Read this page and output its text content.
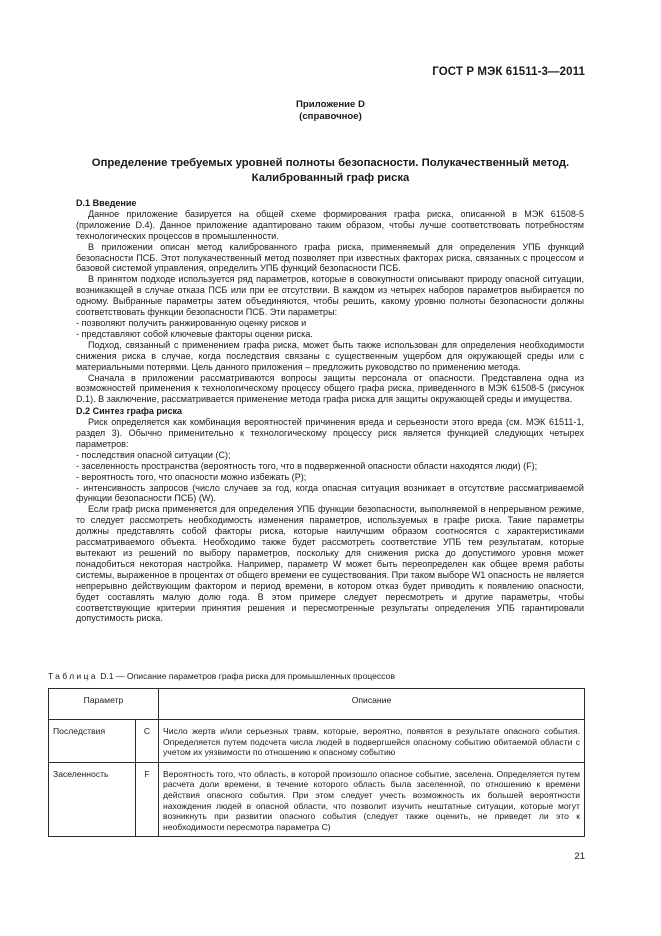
ГОСТ Р МЭК 61511-3—2011
Приложение D
(справочное)
Определение требуемых уровней полноты безопасности. Полукачественный метод.
Калиброванный граф риска

D.1 Введение

Данное приложение базируется на общей схеме формирования графа риска, описанной в МЭК 61508-5 (приложение D.4). Данное приложение адаптировано таким образом, чтобы лучше соответствовать потребностям технологических процессов в промышленности.

В приложении описан метод калиброванного графа риска, применяемый для определения УПБ функций безопасности ПСБ. Этот полукачественный метод позволяет при известных факторах риска, связанных с процессом и базовой системой управления, определить УПБ функций безопасности ПСБ.

В принятом подходе используется ряд параметров, которые в совокупности описывают природу опасной ситуации, возникающей в случае отказа ПСБ или при ее отсутствии. В каждом из четырех наборов параметров выбирается по одному. Выбранные параметры затем объединяются, чтобы решить, какому уровню полноты безопасности должны соответствовать функции безопасности ПСБ. Эти параметры:

- позволяют получить ранжированную оценку рисков и

- представляют собой ключевые факторы оценки риска.

Подход, связанный с применением графа риска, может быть также использован для определения необходимости снижения риска в случае, когда последствия связаны с существенным ущербом для окружающей среды или с материальными потерями. Цель данного приложения – предложить руководство по применению метода.

Сначала в приложении рассматриваются вопросы защиты персонала от опасности. Представлена одна из возможностей применения к технологическому процессу общего графа риска, приведенного в МЭК 61508-5 (рисунок D.1). В заключение, рассматривается применение метода графа риска для защиты окружающей среды и имущества.

D.2 Синтез графа риска

Риск определяется как комбинация вероятностей причинения вреда и серьезности этого вреда (см. МЭК 61511-1, раздел 3). Обычно применительно к технологическому процессу риск является функцией следующих четырех параметров:

- последствия опасной ситуации (С);

- заселенность пространства (вероятность того, что в подверженной опасности области находятся люди) (F);

- вероятность того, что опасности можно избежать (Р);

- интенсивность запросов (число случаев за год, когда опасная ситуация возникает в отсутствие рассматриваемой функции безопасности ПСБ) (W).

Если граф риска применяется для определения УПБ функции безопасности, выполняемой в непрерывном режиме, то следует рассмотреть необходимость изменения параметров, используемых в графе риска. Такие параметры должны представлять собой факторы риска, которые наилучшим образом соотносятся с характеристиками рассматриваемого объекта. Необходимо также будет рассмотреть соответствие УПБ тем результатам, которые вытекают из решений по выбору параметров, поскольку для снижения риска до допустимого уровня может понадобиться некоторая настройка. Например, параметр W может быть переопределен как общее время работы системы, выраженное в процентах от общего времени ее существования. При таком выборе W1 опасность не является непрерывно действующим фактором и период времени, в котором отказ будет приводить к появлению опасности, будет составлять малую долю года. В этом примере следует пересмотреть и другие параметры, чтобы соответствующие критерии принятия решения и пересмотренные результаты определения УПБ гарантировали допустимость риска.

Таблица D.1 — Описание параметров графа риска для промышленных процессов
Параметр		Описание
Последствия	C	Число жертв и/или серьезных травм, которые, вероятно, появятся в результате опасного события. Определяется путем подсчета числа людей в подвергшейся опасному событию обитаемой области с учетом их уязвимости по отношению к опасному событию
Заселенность	F	Вероятность того, что область, в которой произошло опасное событие, заселена. Определяется путем расчета доли времени, в течение которого область была заселенной, по отношению к времени действия опасного события. При этом следует учесть возможность их большей вероятности нахождения людей в опасной области, что позволит изучить нештатные ситуации, которые могут возникнуть при развитии опасного события (следует также оценить, не приведет ли это к необходимости пересмотра параметра С)
21
